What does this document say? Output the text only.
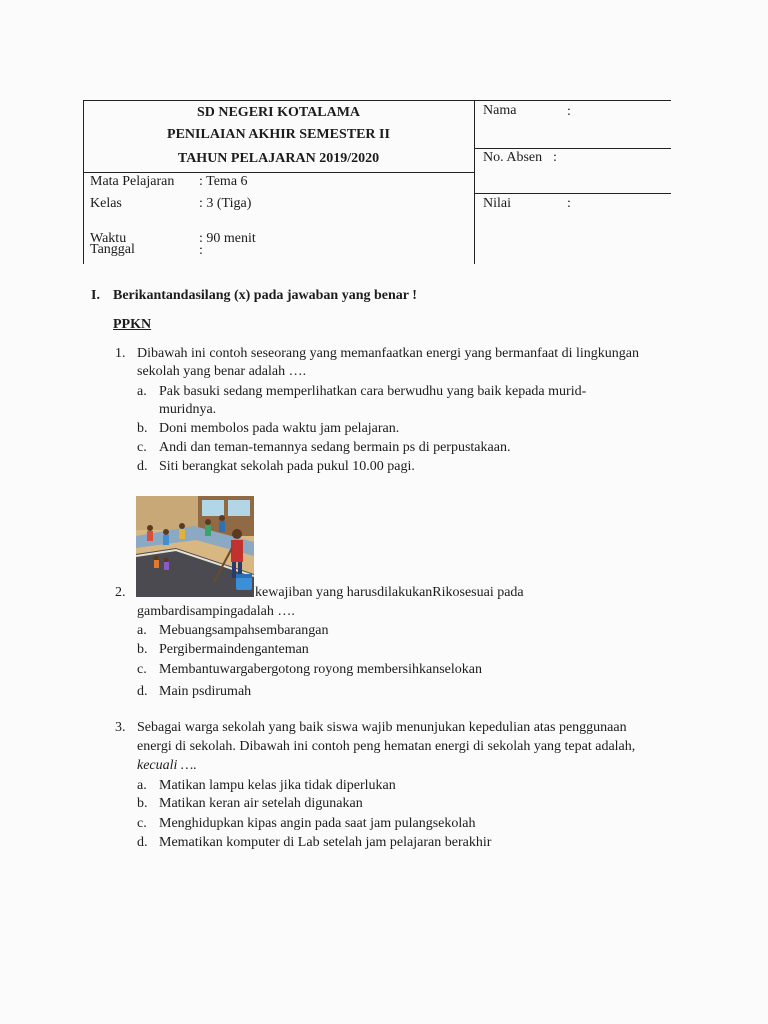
SD NEGERI KOTALAMA
PENILAIAN AKHIR SEMESTER II
TAHUN PELAJARAN 2019/2020
Mata Pelajaran : Tema 6
Kelas	: 3 (Tiga)
Waktu	: 90 menit
Tanggal	:
Nama	:
No. Absen :
Nilai	:
I. Berikantandasilang (x) pada jawaban yang benar !
PPKN
1. Dibawah ini contoh seseorang yang memanfaatkan energi yang bermanfaat di lingkungan
sekolah yang benar adalah ….
a. Pak basuki sedang memperlihatkan cara berwudhu yang baik kepada murid-
muridnya.
b. Doni membolos pada waktu jam pelajaran.
c. Andi dan teman-temannya sedang bermain ps di perpustakaan.
d. Siti berangkat sekolah pada pukul 10.00 pagi.
2.	kewajiban yang harusdilakukanRikosesuai pada
gambardisampingadalah ….
a. Mebuangsampahsembarangan
b. Pergibermaindenganteman
c. Membantuwargabergotong royong membersihkanselokan
d. Main psdirumah
3. Sebagai warga sekolah yang baik siswa wajib menunjukan kepedulian atas penggunaan
energi di sekolah. Dibawah ini contoh peng hematan energi di sekolah yang tepat adalah,
kecuali ….
a. Matikan lampu kelas jika tidak diperlukan
b. Matikan keran air setelah digunakan
c. Menghidupkan kipas angin pada saat jam pulangsekolah
d. Mematikan komputer di Lab setelah jam pelajaran berakhir
